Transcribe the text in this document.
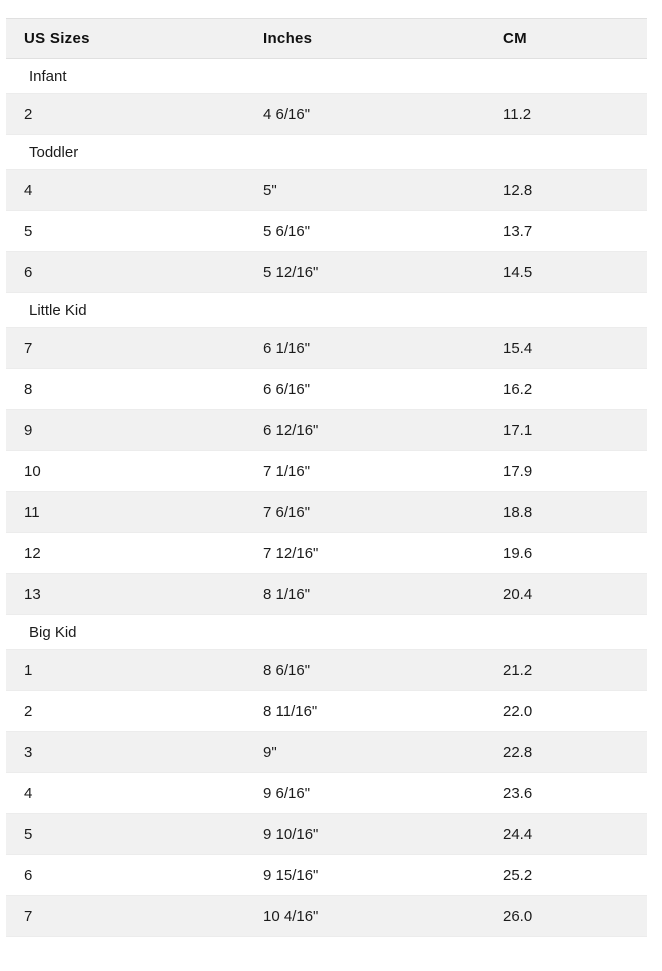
US Sizes	Inches	CM
Infant
2	4 6/16"	11.2
Toddler
4	5"	12.8
5	5 6/16"	13.7
6	5 12/16"	14.5
Little Kid
7	6 1/16"	15.4
8	6 6/16"	16.2
9	6 12/16"	17.1
10	7 1/16"	17.9
11	7 6/16"	18.8
12	7 12/16"	19.6
13	8 1/16"	20.4
Big Kid
1	8 6/16"	21.2
2	8 11/16"	22.0
3	9"	22.8
4	9 6/16"	23.6
5	9 10/16"	24.4
6	9 15/16"	25.2
7	10 4/16"	26.0
